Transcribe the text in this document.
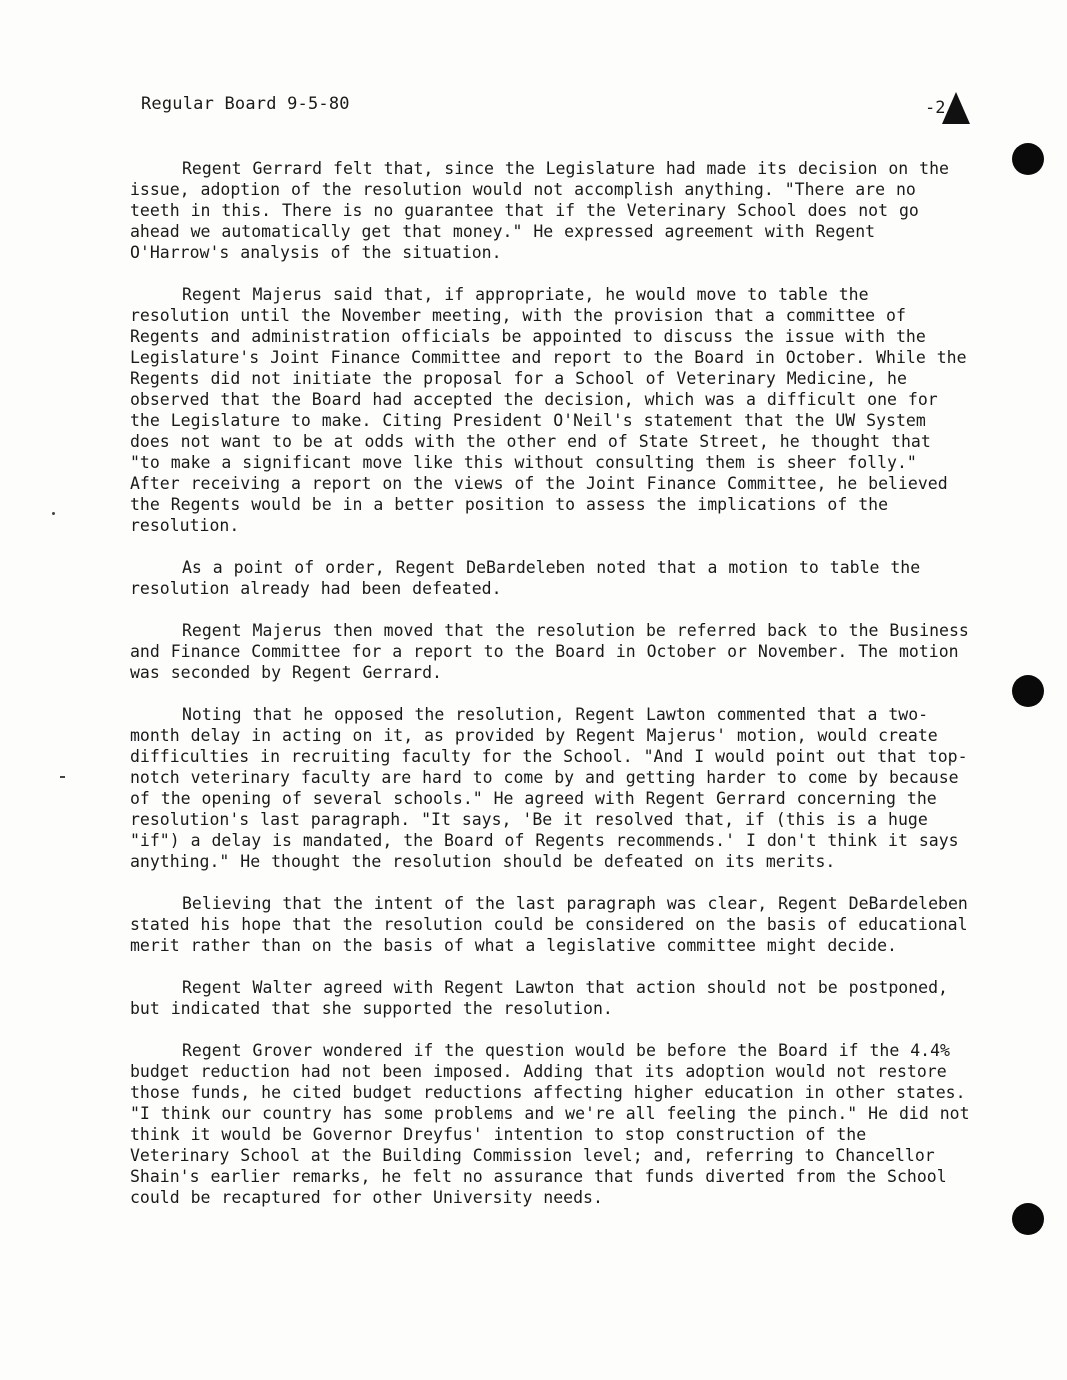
Regular Board 9-5-80	-2

Regent Gerrard felt that, since the Legislature had made its decision on the issue, adoption of the resolution would not accomplish anything. "There are no teeth in this. There is no guarantee that if the Veterinary School does not go ahead we automatically get that money." He expressed agreement with Regent O'Harrow's analysis of the situation.

Regent Majerus said that, if appropriate, he would move to table the resolution until the November meeting, with the provision that a committee of Regents and administration officials be appointed to discuss the issue with the Legislature's Joint Finance Committee and report to the Board in October. While the Regents did not initiate the proposal for a School of Veterinary Medicine, he observed that the Board had accepted the decision, which was a difficult one for the Legislature to make. Citing President O'Neil's statement that the UW System does not want to be at odds with the other end of State Street, he thought that "to make a significant move like this without consulting them is sheer folly." After receiving a report on the views of the Joint Finance Committee, he believed the Regents would be in a better position to assess the implications of the resolution.

As a point of order, Regent DeBardeleben noted that a motion to table the resolution already had been defeated.

Regent Majerus then moved that the resolution be referred back to the Business and Finance Committee for a report to the Board in October or November. The motion was seconded by Regent Gerrard.

Noting that he opposed the resolution, Regent Lawton commented that a two-month delay in acting on it, as provided by Regent Majerus' motion, would create difficulties in recruiting faculty for the School. "And I would point out that top-notch veterinary faculty are hard to come by and getting harder to come by because of the opening of several schools." He agreed with Regent Gerrard concerning the resolution's last paragraph. "It says, 'Be it resolved that, if (this is a huge "if") a delay is mandated, the Board of Regents recommends.' I don't think it says anything." He thought the resolution should be defeated on its merits.

Believing that the intent of the last paragraph was clear, Regent DeBardeleben stated his hope that the resolution could be considered on the basis of educational merit rather than on the basis of what a legislative committee might decide.

Regent Walter agreed with Regent Lawton that action should not be postponed, but indicated that she supported the resolution.

Regent Grover wondered if the question would be before the Board if the 4.4% budget reduction had not been imposed. Adding that its adoption would not restore those funds, he cited budget reductions affecting higher education in other states. "I think our country has some problems and we're all feeling the pinch." He did not think it would be Governor Dreyfus' intention to stop construction of the Veterinary School at the Building Commission level; and, referring to Chancellor Shain's earlier remarks, he felt no assurance that funds diverted from the School could be recaptured for other University needs.
